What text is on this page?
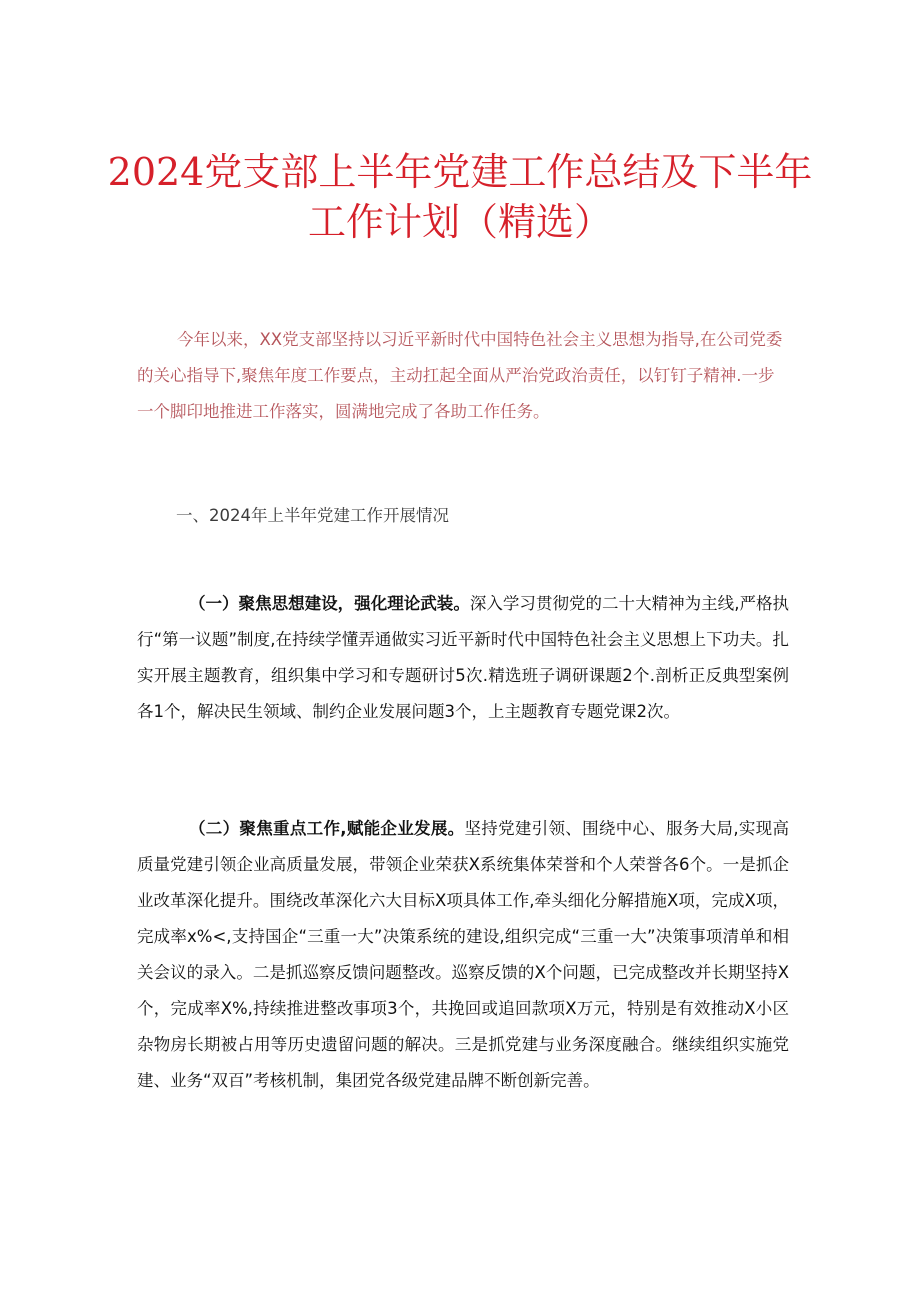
2024党支部上半年党建工作总结及下半年
工作计划（精选）

今年以来，XX党支部坚持以习近平新时代中国特色社会主义思想为指导,在公司党委的关心指导下,聚焦年度工作要点，主动扛起全面从严治党政治责任，以钉钉子精神.一步一个脚印地推进工作落实，圆满地完成了各助工作任务。

一、2024年上半年党建工作开展情况

（一）聚焦思想建设，强化理论武装。深入学习贯彻党的二十大精神为主线,严格执行“第一议题”制度,在持续学懂弄通做实习近平新时代中国特色社会主义思想上下功夫。扎实开展主题教育，组织集中学习和专题研讨5次.精选班子调研课题2个.剖析正反典型案例各1个，解决民生领域、制约企业发展问题3个，上主题教育专题党课2次。

（二）聚焦重点工作,赋能企业发展。坚持党建引领、围绕中心、服务大局,实现高质量党建引领企业高质量发展，带领企业荣获X系统集体荣誉和个人荣誉各6个。一是抓企业改革深化提升。围绕改革深化六大目标X项具体工作,牵头细化分解措施X项，完成X项，完成率x%<,支持国企“三重一大”决策系统的建设,组织完成“三重一大”决策事项清单和相关会议的录入。二是抓巡察反馈问题整改。巡察反馈的X个问题，已完成整改并长期坚持X个，完成率X%,持续推进整改事项3个，共挽回或追回款项X万元，特别是有效推动X小区杂物房长期被占用等历史遗留问题的解决。三是抓党建与业务深度融合。继续组织实施党建、业务“双百”考核机制，集团党各级党建品牌不断创新完善。
